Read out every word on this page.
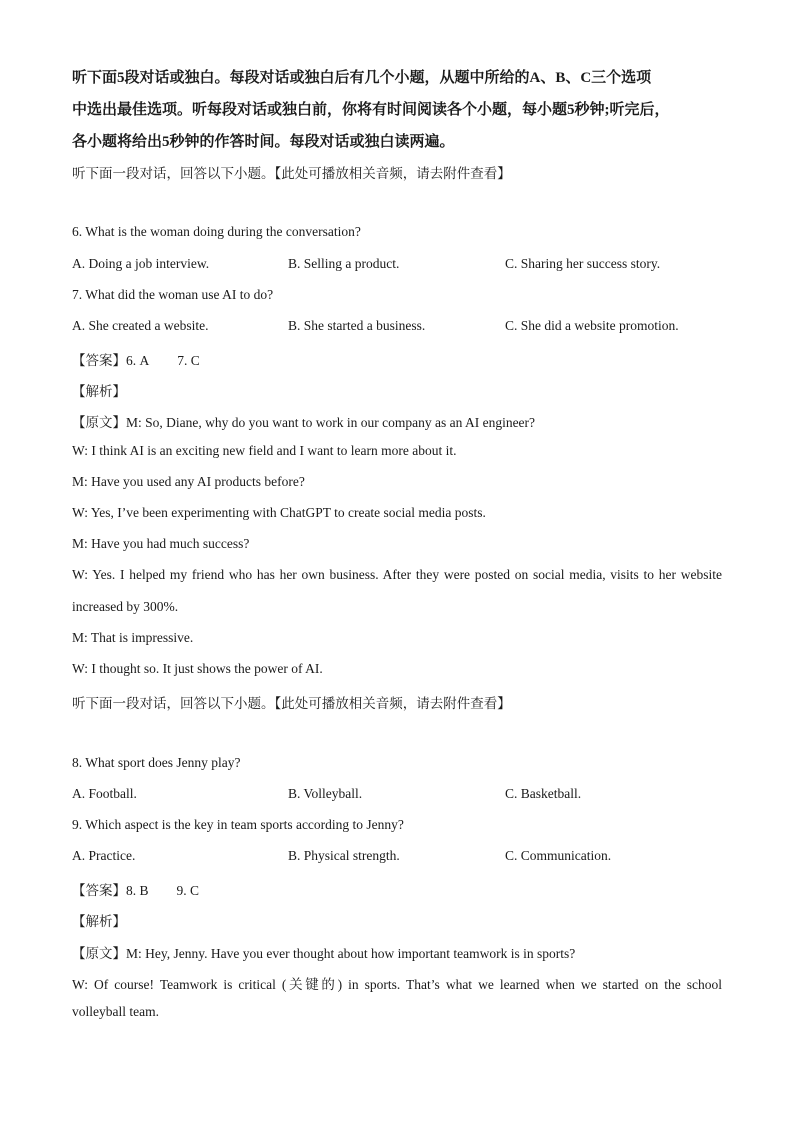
听下面5段对话或独白。每段对话或独白后有几个小题，从题中所给的A、B、C三个选项
中选出最佳选项。听每段对话或独白前，你将有时间阅读各个小题，每小题5秒钟;听完后，
各小题将给出5秒钟的作答时间。每段对话或独白读两遍。
听下面一段对话，回答以下小题。【此处可播放相关音频，请去附件查看】
6. What is the woman doing during the conversation?
A. Doing a job interview.	B. Selling a product.	C. Sharing her success story.
7. What did the woman use AI to do?
A. She created a website.	B. She started a business.	C. She did a website promotion.
【答案】6. A 7. C
【解析】
【原文】M: So, Diane, why do you want to work in our company as an AI engineer?
W: I think AI is an exciting new field and I want to learn more about it.
M: Have you used any AI products before?
W: Yes, I’ve been experimenting with ChatGPT to create social media posts.
M: Have you had much success?
W: Yes. I helped my friend who has her own business. After they were posted on social media, visits to her website
increased by 300%.
M: That is impressive.
W: I thought so. It just shows the power of AI.
听下面一段对话，回答以下小题。【此处可播放相关音频，请去附件查看】
8. What sport does Jenny play?
A. Football.	B. Volleyball.	C. Basketball.
9. Which aspect is the key in team sports according to Jenny?
A. Practice.	B. Physical strength.	C. Communication.
【答案】8. B 9. C
【解析】
【原文】M: Hey, Jenny. Have you ever thought about how important teamwork is in sports?
W: Of course! Teamwork is critical (关键的) in sports. That’s what we learned when we started on the school
volleyball team.
